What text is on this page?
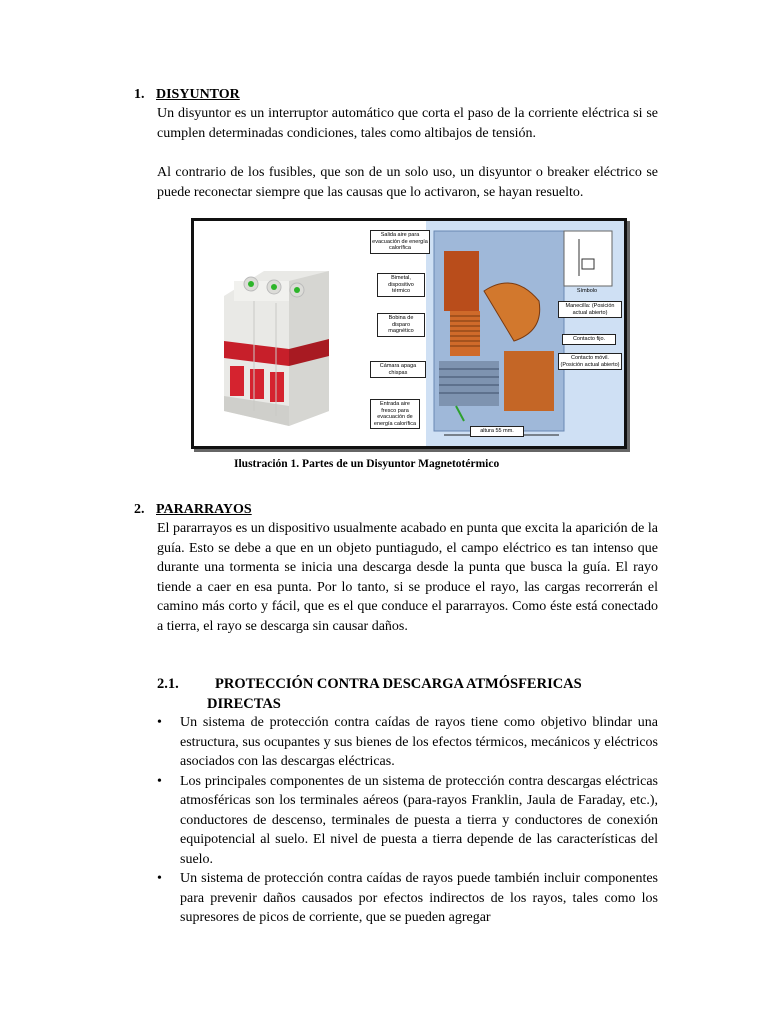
1. DISYUNTOR
Un disyuntor es un interruptor automático que corta el paso de la corriente eléctrica si se cumplen determinadas condiciones, tales como altibajos de tensión.
Al contrario de los fusibles, que son de un solo uso, un disyuntor o breaker eléctrico se puede reconectar siempre que las causas que lo activaron, se hayan resuelto.
Salida aire para evacuación de energía calorífica
Bimetal, dispositivo térmico
Bobina de disparo magnético
Cámara apaga chispas
Entrada aire fresco para evacuación de energía calorífica
Símbolo
Manecilla: (Posición actual abierto)
Contacto fijo.
Contacto móvil. (Posición actual abierto)
altura 55 mm.
Ilustración 1. Partes de un Disyuntor Magnetotérmico
2. PARARRAYOS
El pararrayos es un dispositivo usualmente acabado en punta que excita la aparición de la guía. Esto se debe a que en un objeto puntiagudo, el campo eléctrico es tan intenso que durante una tormenta se inicia una descarga desde la punta que busca la guía. El rayo tiende a caer en esa punta. Por lo tanto, si se produce el rayo, las cargas recorrerán el camino más corto y fácil, que es el que conduce el pararrayos. Como éste está conectado a tierra, el rayo se descarga sin causar daños.
2.1.	PROTECCIÓN CONTRA DESCARGA ATMÓSFERICAS
DIRECTAS
•	Un sistema de protección contra caídas de rayos tiene como objetivo blindar una estructura, sus ocupantes y sus bienes de los efectos térmicos, mecánicos y eléctricos asociados con las descargas eléctricas.
•	Los principales componentes de un sistema de protección contra descargas eléctricas atmosféricas son los terminales aéreos (para-rayos Franklin, Jaula de Faraday, etc.), conductores de descenso, terminales de puesta a tierra y conductores de conexión equipotencial al suelo. El nivel de puesta a tierra depende de las características del suelo.
•	Un sistema de protección contra caídas de rayos puede también incluir componentes para prevenir daños causados por efectos indirectos de los rayos, tales como los supresores de picos de corriente, que se pueden agregar
